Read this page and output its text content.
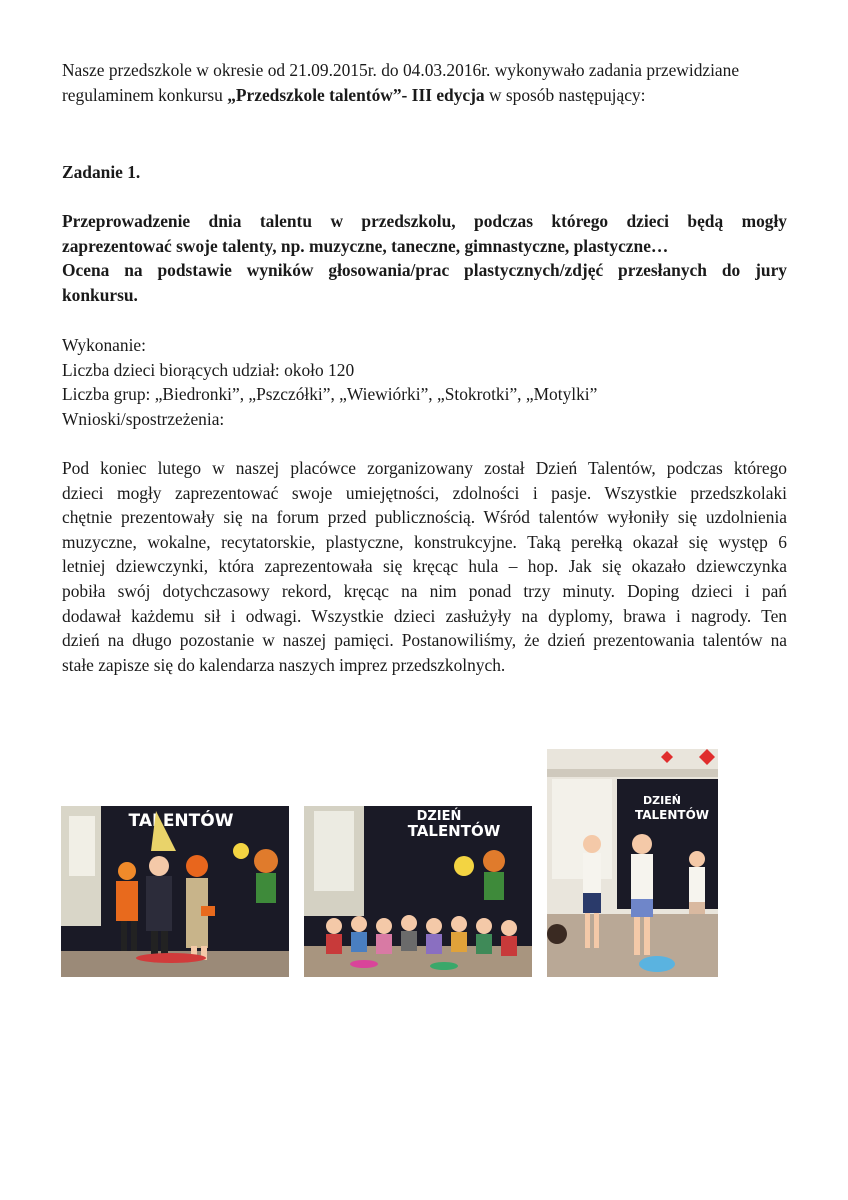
Nasze przedszkole w okresie od 21.09.2015r. do 04.03.2016r. wykonywało zadania przewidziane
regulaminem konkursu „Przedszkole talentów”- III edycja w sposób następujący:

Zadanie 1.

Przeprowadzenie dnia talentu w przedszkolu, podczas którego dzieci będą mogły
zaprezentować swoje talenty, np. muzyczne, taneczne, gimnastyczne, plastyczne…
Ocena na podstawie wyników głosowania/prac plastycznych/zdjęć przesłanych do jury
konkursu.

Wykonanie:
Liczba dzieci biorących udział: około 120
Liczba grup: „Biedronki”, „Pszczółki”, „Wiewiórki”, „Stokrotki”, „Motylki”
Wnioski/spostrzeżenia:

Pod koniec lutego w naszej placówce zorganizowany został Dzień Talentów, podczas którego
dzieci mogły zaprezentować swoje umiejętności, zdolności i pasje. Wszystkie przedszkolaki
chętnie prezentowały się na forum przed publicznością. Wśród talentów wyłoniły się uzdolnienia
muzyczne, wokalne, recytatorskie, plastyczne, konstrukcyjne. Taką perełką okazał się występ 6
letniej dziewczynki, która zaprezentowała się kręcąc hula – hop. Jak się okazało dziewczynka
pobiła swój dotychczasowy rekord, kręcąc na nim ponad trzy minuty. Doping dzieci i pań
dodawał każdemu sił i odwagi. Wszystkie dzieci zasłużyły na dyplomy, brawa i nagrody. Ten
dzień na długo pozostanie w naszej pamięci. Postanowiliśmy, że dzień prezentowania talentów na
stałe zapisze się do kalendarza naszych imprez przedszkolnych.

TALENTÓW	DZIEŃ
TALENTÓW
DZIEŃ
TALENTÓW
